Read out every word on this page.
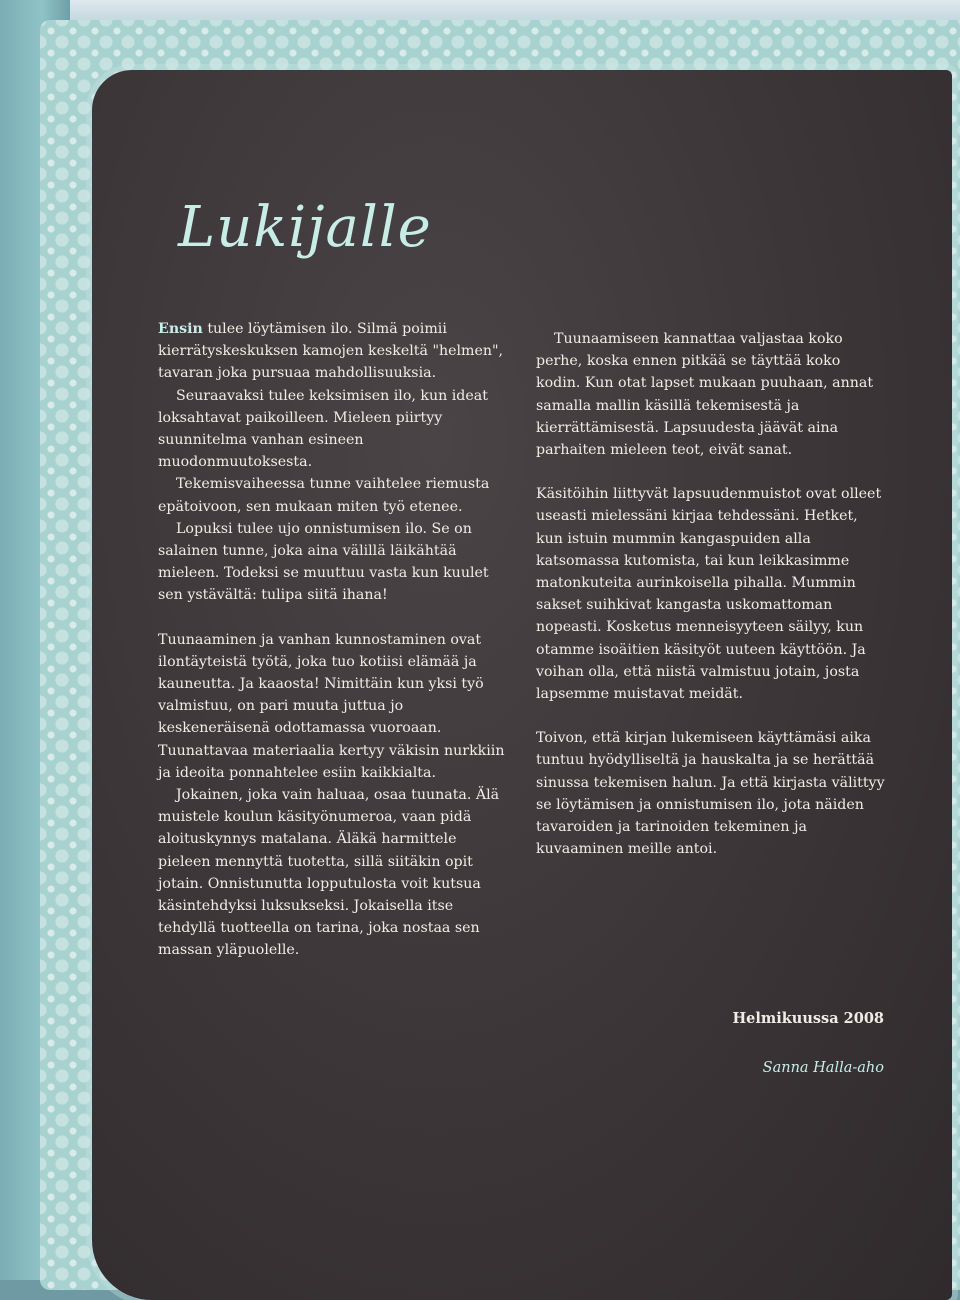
Lukijalle

Ensin tulee löytämisen ilo. Silmä poimii kierrätyskeskuksen kamojen keskeltä "helmen", tavaran joka pursuaa mahdollisuuksia.

Seuraavaksi tulee keksimisen ilo, kun ideat loksahtavat paikoilleen. Mieleen piirtyy suunnitelma vanhan esineen muodonmuutoksesta.

Tekemisvaiheessa tunne vaihtelee riemusta epätoivoon, sen mukaan miten työ etenee.

Lopuksi tulee ujo onnistumisen ilo. Se on salainen tunne, joka aina välillä läikähtää mieleen. Todeksi se muuttuu vasta kun kuulet sen ystävältä: tulipa siitä ihana!

Tuunaaminen ja vanhan kunnostaminen ovat ilontäyteistä työtä, joka tuo kotiisi elämää ja kauneutta. Ja kaaosta! Nimittäin kun yksi työ valmistuu, on pari muuta juttua jo keskeneräisenä odottamassa vuoroaan. Tuunattavaa materiaalia kertyy väkisin nurkkiin ja ideoita ponnahtelee esiin kaikkialta.

Jokainen, joka vain haluaa, osaa tuunata. Älä muistele koulun käsityönumeroa, vaan pidä aloituskynnys matalana. Äläkä harmittele pieleen mennyttä tuotetta, sillä siitäkin opit jotain. Onnistunutta lopputulosta voit kutsua käsintehdyksi luksukseksi. Jokaisella itse tehdyllä tuotteella on tarina, joka nostaa sen massan yläpuolelle.

Tuunaamiseen kannattaa valjastaa koko perhe, koska ennen pitkää se täyttää koko kodin. Kun otat lapset mukaan puuhaan, annat samalla mallin käsillä tekemisestä ja kierrättämisestä. Lapsuudesta jäävät aina parhaiten mieleen teot, eivät sanat.

Käsitöihin liittyvät lapsuudenmuistot ovat olleet useasti mielessäni kirjaa tehdessäni. Hetket, kun istuin mummin kangaspuiden alla katsomassa kutomista, tai kun leikkasimme matonkuteita aurinkoisella pihalla. Mummin sakset suihkivat kangasta uskomattoman nopeasti. Kosketus menneisyyteen säilyy, kun otamme isoäitien käsityöt uuteen käyttöön. Ja voihan olla, että niistä valmistuu jotain, josta lapsemme muistavat meidät.

Toivon, että kirjan lukemiseen käyttämäsi aika tuntuu hyödylliseltä ja hauskalta ja se herättää sinussa tekemisen halun. Ja että kirjasta välittyy se löytämisen ja onnistumisen ilo, jota näiden tavaroiden ja tarinoiden tekeminen ja kuvaaminen meille antoi.

Helmikuussa 2008

Sanna Halla-aho
